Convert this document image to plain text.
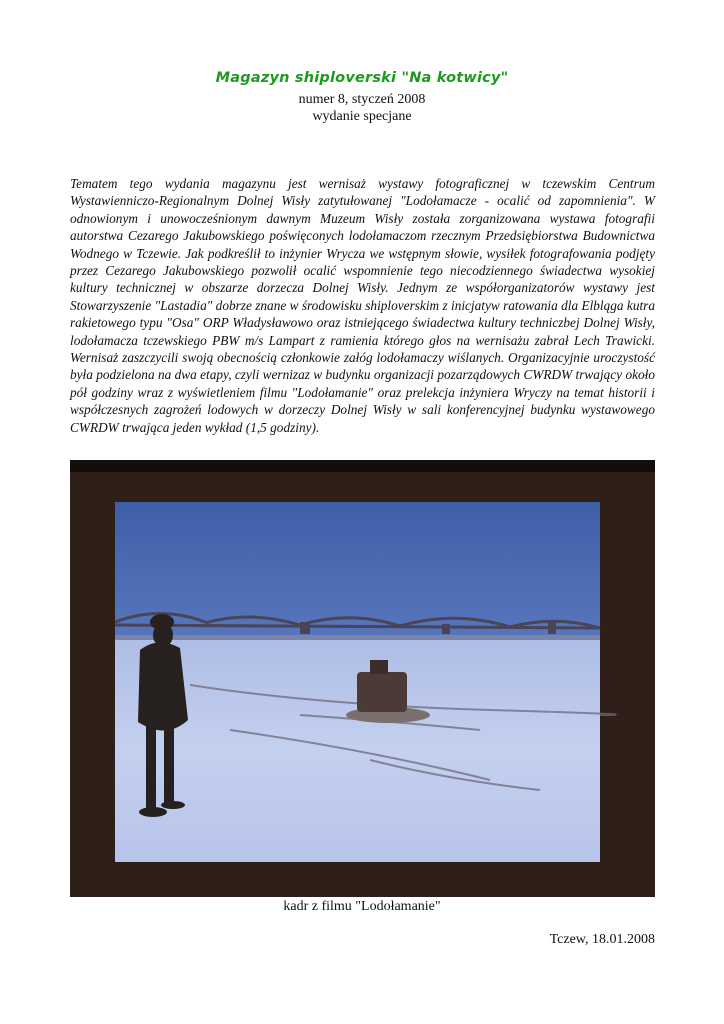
Magazyn shiploverski "Na kotwicy"
numer 8, styczeń 2008
wydanie specjane
Tematem tego wydania magazynu jest wernisaż wystawy fotograficznej w tczewskim Centrum Wystawienniczo-Regionalnym Dolnej Wisły zatytułowanej "Lodołamacze - ocalić od zapomnienia". W odnowionym i unowocześnionym dawnym Muzeum Wisły została zorganizowana wystawa fotografii autorstwa Cezarego Jakubowskiego poświęconych lodołamaczom rzecznym Przedsiębiorstwa Budownictwa Wodnego w Tczewie. Jak podkreślił to inżynier Wrycza we wstępnym słowie, wysiłek fotografowania podjęty przez Cezarego Jakubowskiego pozwolił ocalić wspomnienie tego niecodziennego świadectwa wysokiej kultury technicznej w obszarze dorzecza Dolnej Wisły. Jednym ze współorganizatorów wystawy jest Stowarzyszenie "Lastadia" dobrze znane w środowisku shiploverskim z inicjatyw ratowania dla Elbląga kutra rakietowego typu "Osa" ORP Władysławowo oraz istniejącego świadectwa kultury techniczbej Dolnej Wisły, lodołamacza tczewskiego PBW m/s Lampart z ramienia którego głos na wernisażu zabrał Lech Trawicki. Wernisaż zaszczycili swoją obecnością członkowie załóg lodołamaczy wiślanych. Organizacyjnie uroczystość była podzielona na dwa etapy, czyli wernizaz w budynku organizacji pozarządowych CWRDW trwający około pół godziny wraz z wyświetleniem filmu "Lodołamanie" oraz prelekcja inżyniera Wryczy na temat historii i współczesnych zagrożeń lodowych w dorzeczy Dolnej Wisły w sali konferencyjnej budynku wystawowego CWRDW trwająca jeden wykład (1,5 godziny).
kadr z filmu "Lodołamanie"
Tczew, 18.01.2008
